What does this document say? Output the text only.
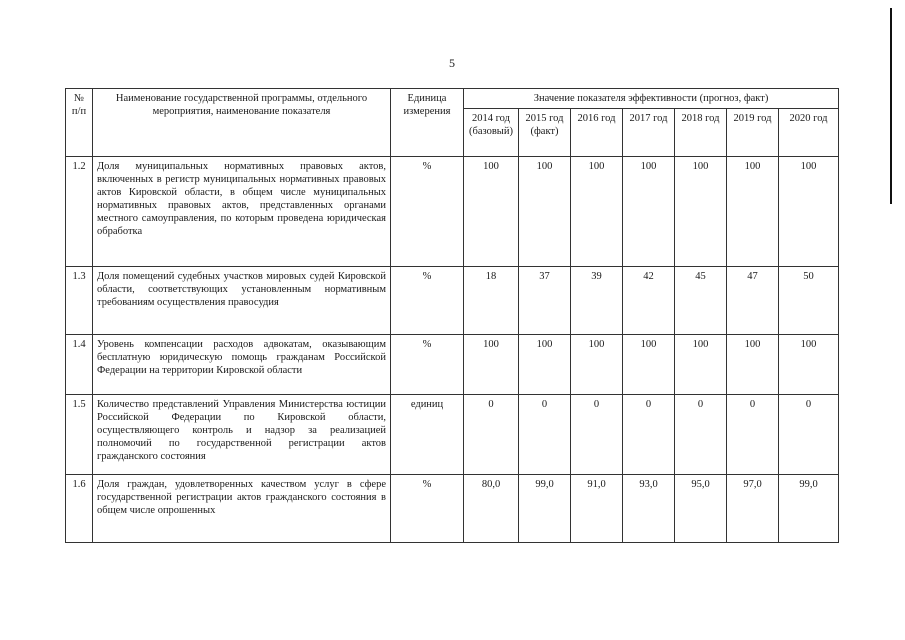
5
№ п/п	Наименование государственной программы, отдельного мероприятия, наименование показателя	Единица измерения	Значение показателя эффективности (прогноз, факт)						
			2014 год (базовый)	2015 год (факт)	2016 год	2017 год	2018 год	2019 год	2020 год
1.2	Доля муниципальных нормативных правовых актов, включенных в регистр муниципальных нормативных правовых актов Кировской области, в общем числе муниципальных нормативных правовых актов, представленных органами местного самоуправления, по которым проведена юридическая обработка	%	100	100	100	100	100	100	100
1.3	Доля помещений судебных участков мировых судей Кировской области, соответствующих установленным нормативным требованиям осуществления правосудия	%	18	37	39	42	45	47	50
1.4	Уровень компенсации расходов адвокатам, оказывающим бесплатную юридическую помощь гражданам Российской Федерации на территории Кировской области	%	100	100	100	100	100	100	100
1.5	Количество представлений Управления Министерства юстиции Российской Федерации по Кировской области, осуществляющего контроль и надзор за реализацией полномочий по государственной регистрации актов гражданского состояния	единиц	0	0	0	0	0	0	0
1.6	Доля граждан, удовлетворенных качеством услуг в сфере государственной регистрации актов гражданского состояния в общем числе опрошенных	%	80,0	99,0	91,0	93,0	95,0	97,0	99,0
